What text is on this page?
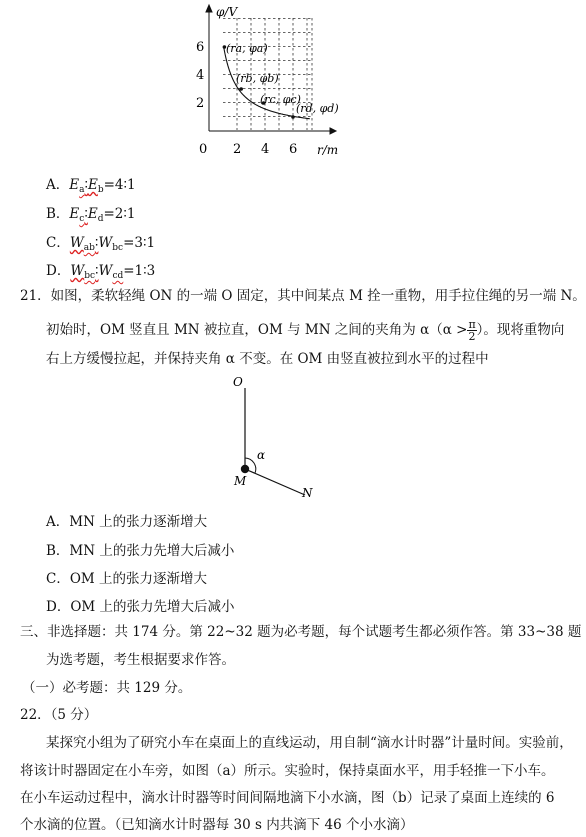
φ/V
r/m
0 2 4 6
2
4
6 (ra, φa)
(rb, φb)
(rc, φc)
(rd, φd)
A．$E_a∶E_b=4∶1$
B．$E_c∶E_d=2∶1$
C．$W_{ab}∶W_{bc}=3∶1$
D．$W_{bc}∶W_{cd}=1∶3$
21．如图，柔软轻绳 ON 的一端 O 固定，其中间某点 M 拴一重物，用手拉住绳的另一端 N。
初始时，OM 竖直且 MN 被拉直，OM 与 MN 之间的夹角为 $\alpha(\alpha > \frac{\pi}{2}$ ）。现将重物向
右上方缓慢拉起，并保持夹角 α 不变。在 OM 由竖直被拉到水平的过程中
O
M
N
α
A．MN 上的张力逐渐增大
B．MN 上的张力先增大后减小
C．OM 上的张力逐渐增大
D．OM 上的张力先增大后减小
三、非选择题：共 174 分。第 22~32 题为必考题，每个试题考生都必须作答。第 33~38 题
为选考题，考生根据要求作答。
（一）必考题：共 129 分。
22．（5 分）
某探究小组为了研究小车在桌面上的直线运动，用自制“滴水计时器”计量时间。实验前，
将该计时器固定在小车旁，如图（a）所示。实验时，保持桌面水平，用手轻推一下小车。
在小车运动过程中，滴水计时器等时间间隔地滴下小水滴，图（b）记录了桌面上连续的 6
个水滴的位置。（已知滴水计时器每 30 s 内共滴下 46 个小水滴）
